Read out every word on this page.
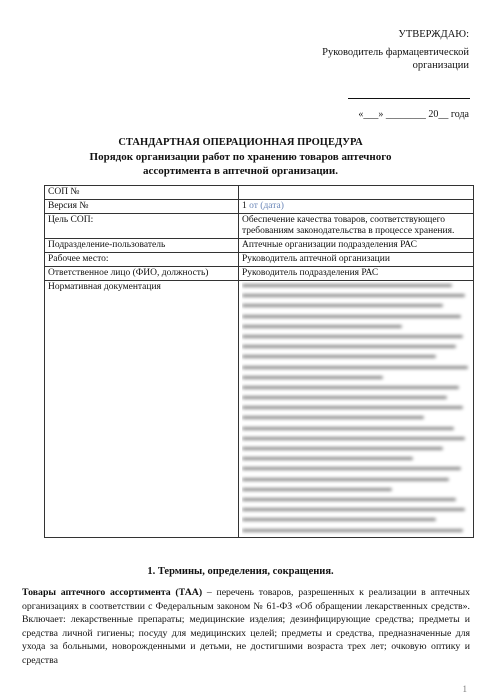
УТВЕРЖДАЮ:
Руководитель фармацевтической
организации
«___» ________ 20__ года
СТАНДАРТНАЯ ОПЕРАЦИОННАЯ ПРОЦЕДУРА
Порядок организации работ по хранению товаров аптечного
ассортимента в аптечной организации.
СОП №	
Версия №	1 от (дата)
Цель СОП:	Обеспечение качества товаров, соответствующего требованиям законодательства в процессе хранения.
Подразделение-пользователь	Аптечные организации подразделения РАС
Рабочее место:	Руководитель аптечной организации
Ответственное лицо (ФИО, должность)	Руководитель подразделения РАС
Нормативная документация	
1. Термины, определения, сокращения.
Товары аптечного ассортимента (ТАА) – перечень товаров, разрешенных к реализации в аптечных организациях в соответствии с Федеральным законом № 61-ФЗ «Об обращении лекарственных средств». Включает: лекарственные препараты; медицинские изделия; дезинфицирующие средства; предметы и средства личной гигиены; посуду для медицинских целей; предметы и средства, предназначенные для ухода за больными, новорожденными и детьми, не достигшими возраста трех лет; очковую оптику и средства
1
